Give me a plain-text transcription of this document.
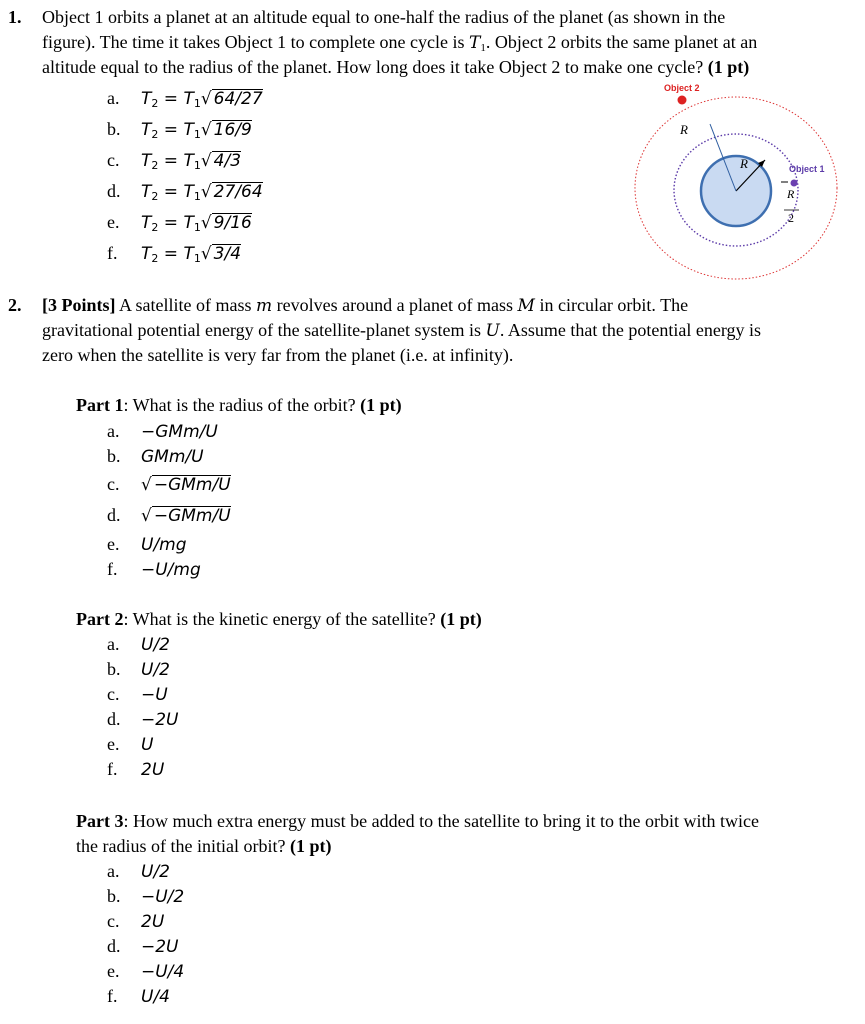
1. Object 1 orbits a planet at an altitude equal to one-half the radius of the planet (as shown in the
figure). The time it takes Object 1 to complete one cycle is $T_1$. Object 2 orbits the same planet at an
altitude equal to the radius of the planet. How long does it take Object 2 to make one cycle? (1 pt)
a. $T_2 = T_1√$ 64/27
b. $T_2 = T_1√$ 16/9
c. $T_2 = T_1√$ 4/3
d. $T_2 = T_1√$ 27/64
e. $T_2 = T_1√$ 9/16
f. $T_2 = T_1√$ 3/4
Object 2
Object 1
R
R
R
2
2. [3 Points] A satellite of mass m revolves around a planet of mass M in circular orbit. The
gravitational potential energy of the satellite-planet system is U. Assume that the potential energy is
zero when the satellite is very far from the planet (i.e. at infinity).
Part 1: What is the radius of the orbit? (1 pt)
a. −GMm/U
b. GMm/U
c. √ −GMm/U
d. √ −GMm/U
e. U/mg
f. −U/mg
Part 2: What is the kinetic energy of the satellite? (1 pt)
a. U/2
b. U/2
c. −U
d. −2U
e. U
f. 2U
Part 3: How much extra energy must be added to the satellite to bring it to the orbit with twice
the radius of the initial orbit? (1 pt)
a. U/2
b. −U/2
c. 2U
d. −2U
e. −U/4
f. U/4
